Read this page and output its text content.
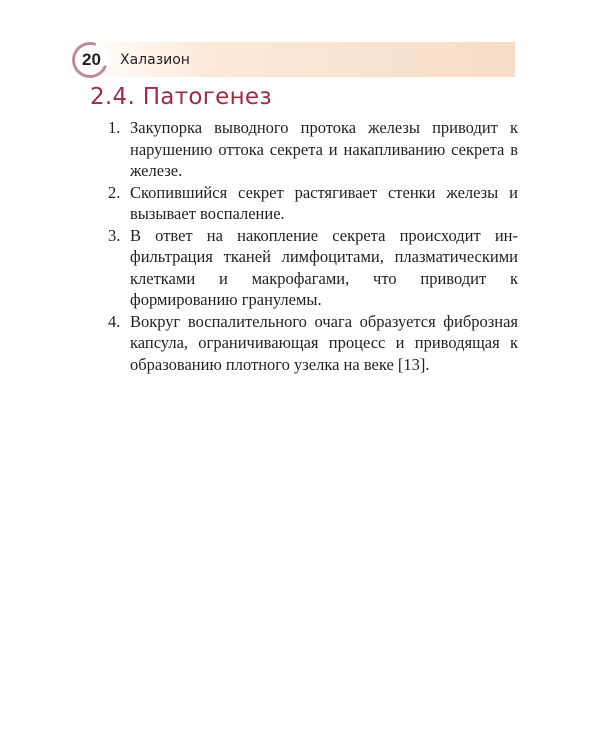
20	Халазион
2.4. Патогенез
1. Закупорка выводного протока железы приводит к нарушению оттока секрета и накапливанию секрета в железе.
2. Скопившийся секрет растягивает стенки железы и вызывает воспаление.
3. В ответ на накопление секрета происходит инфильтрация тканей лимфоцитами, плазматическими клетками и макрофагами, что приводит к формированию гранулемы.
4. Вокруг воспалительного очага образуется фиброзная капсула, ограничивающая процесс и приводящая к образованию плотного узелка на веке [13].
